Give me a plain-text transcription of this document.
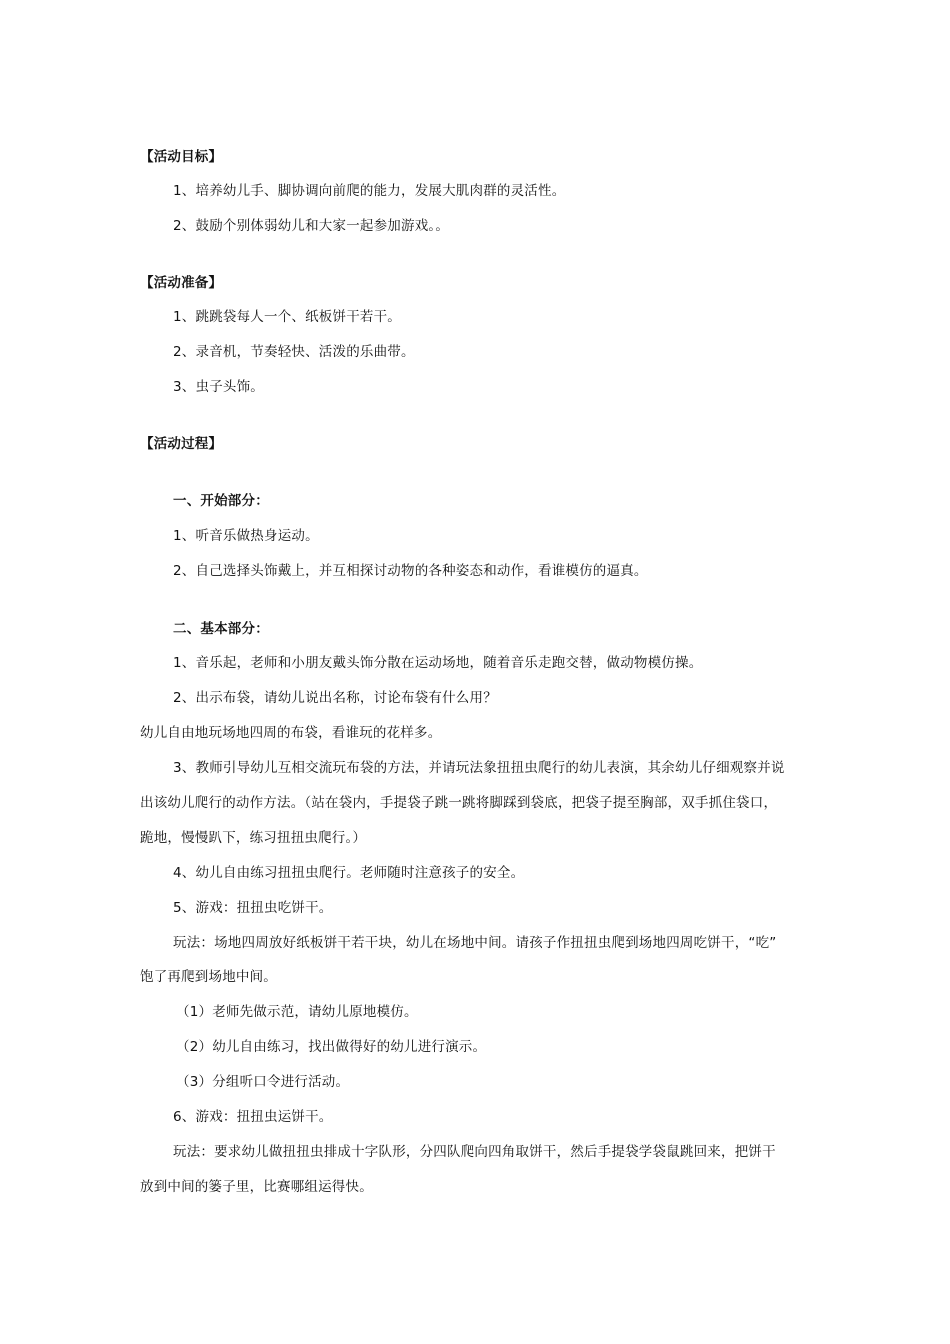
【活动目标】
1、培养幼儿手、脚协调向前爬的能力，发展大肌肉群的灵活性。
2、鼓励个别体弱幼儿和大家一起参加游戏。。
【活动准备】
1、跳跳袋每人一个、纸板饼干若干。
2、录音机，节奏轻快、活泼的乐曲带。
3、虫子头饰。
【活动过程】
一、开始部分：
1、听音乐做热身运动。
2、自己选择头饰戴上，并互相探讨动物的各种姿态和动作，看谁模仿的逼真。
二、基本部分：
1、音乐起，老师和小朋友戴头饰分散在运动场地，随着音乐走跑交替，做动物模仿操。
2、出示布袋，请幼儿说出名称，讨论布袋有什么用？
幼儿自由地玩场地四周的布袋，看谁玩的花样多。
3、教师引导幼儿互相交流玩布袋的方法，并请玩法象扭扭虫爬行的幼儿表演，其余幼儿仔细观察并说
出该幼儿爬行的动作方法。（站在袋内，手提袋子跳一跳将脚踩到袋底，把袋子提至胸部，双手抓住袋口，
跪地，慢慢趴下，练习扭扭虫爬行。）
4、幼儿自由练习扭扭虫爬行。老师随时注意孩子的安全。
5、游戏：扭扭虫吃饼干。
玩法：场地四周放好纸板饼干若干块，幼儿在场地中间。请孩子作扭扭虫爬到场地四周吃饼干，“吃”
饱了再爬到场地中间。
（1）老师先做示范，请幼儿原地模仿。
（2）幼儿自由练习，找出做得好的幼儿进行演示。
（3）分组听口令进行活动。
6、游戏：扭扭虫运饼干。
玩法：要求幼儿做扭扭虫排成十字队形，分四队爬向四角取饼干，然后手提袋学袋鼠跳回来，把饼干
放到中间的篓子里，比赛哪组运得快。
